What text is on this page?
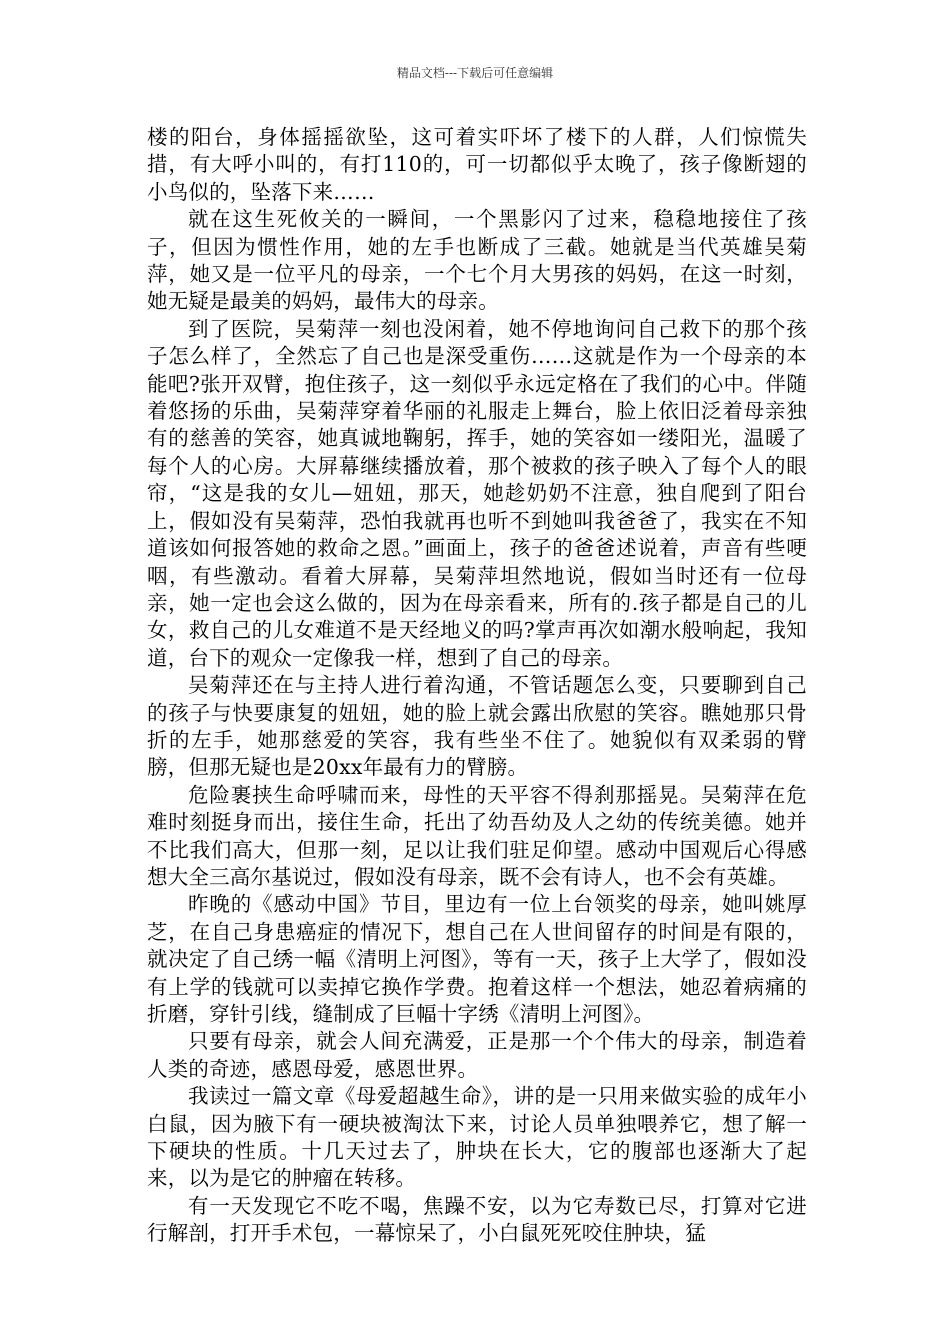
精品文档---下载后可任意编辑

楼的阳台，身体摇摇欲坠，这可着实吓坏了楼下的人群，人们惊慌失措，有大呼小叫的，有打110的，可一切都似乎太晚了，孩子像断翅的小鸟似的，坠落下来……

就在这生死攸关的一瞬间，一个黑影闪了过来，稳稳地接住了孩子，但因为惯性作用，她的左手也断成了三截。她就是当代英雄吴菊萍，她又是一位平凡的母亲，一个七个月大男孩的妈妈，在这一时刻，她无疑是最美的妈妈，最伟大的母亲。

到了医院，吴菊萍一刻也没闲着，她不停地询问自己救下的那个孩子怎么样了，全然忘了自己也是深受重伤……这就是作为一个母亲的本能吧?张开双臂，抱住孩子，这一刻似乎永远定格在了我们的心中。伴随着悠扬的乐曲，吴菊萍穿着华丽的礼服走上舞台，脸上依旧泛着母亲独有的慈善的笑容，她真诚地鞠躬，挥手，她的笑容如一缕阳光，温暖了每个人的心房。大屏幕继续播放着，那个被救的孩子映入了每个人的眼帘，“这是我的女儿—妞妞，那天，她趁奶奶不注意，独自爬到了阳台上，假如没有吴菊萍，恐怕我就再也听不到她叫我爸爸了，我实在不知道该如何报答她的救命之恩。”画面上，孩子的爸爸述说着，声音有些哽咽，有些激动。看着大屏幕，吴菊萍坦然地说，假如当时还有一位母亲，她一定也会这么做的，因为在母亲看来，所有的.孩子都是自己的儿女，救自己的儿女难道不是天经地义的吗?掌声再次如潮水般响起，我知道，台下的观众一定像我一样，想到了自己的母亲。

吴菊萍还在与主持人进行着沟通，不管话题怎么变，只要聊到自己的孩子与快要康复的妞妞，她的脸上就会露出欣慰的笑容。瞧她那只骨折的左手，她那慈爱的笑容，我有些坐不住了。她貌似有双柔弱的臂膀，但那无疑也是20xx年最有力的臂膀。

危险裹挟生命呼啸而来，母性的天平容不得刹那摇晃。吴菊萍在危难时刻挺身而出，接住生命，托出了幼吾幼及人之幼的传统美德。她并不比我们高大，但那一刻，足以让我们驻足仰望。感动中国观后心得感想大全三高尔基说过，假如没有母亲，既不会有诗人，也不会有英雄。

昨晚的《感动中国》节目，里边有一位上台领奖的母亲，她叫姚厚芝，在自己身患癌症的情况下，想自己在人世间留存的时间是有限的，就决定了自己绣一幅《清明上河图》，等有一天，孩子上大学了，假如没有上学的钱就可以卖掉它换作学费。抱着这样一个想法，她忍着病痛的折磨，穿针引线，缝制成了巨幅十字绣《清明上河图》。

只要有母亲，就会人间充满爱，正是那一个个伟大的母亲，制造着人类的奇迹，感恩母爱，感恩世界。

我读过一篇文章《母爱超越生命》，讲的是一只用来做实验的成年小白鼠，因为腋下有一硬块被淘汰下来，讨论人员单独喂养它，想了解一下硬块的性质。十几天过去了，肿块在长大，它的腹部也逐渐大了起来，以为是它的肿瘤在转移。

有一天发现它不吃不喝，焦躁不安，以为它寿数已尽，打算对它进行解剖，打开手术包，一幕惊呆了，小白鼠死死咬住肿块，猛
